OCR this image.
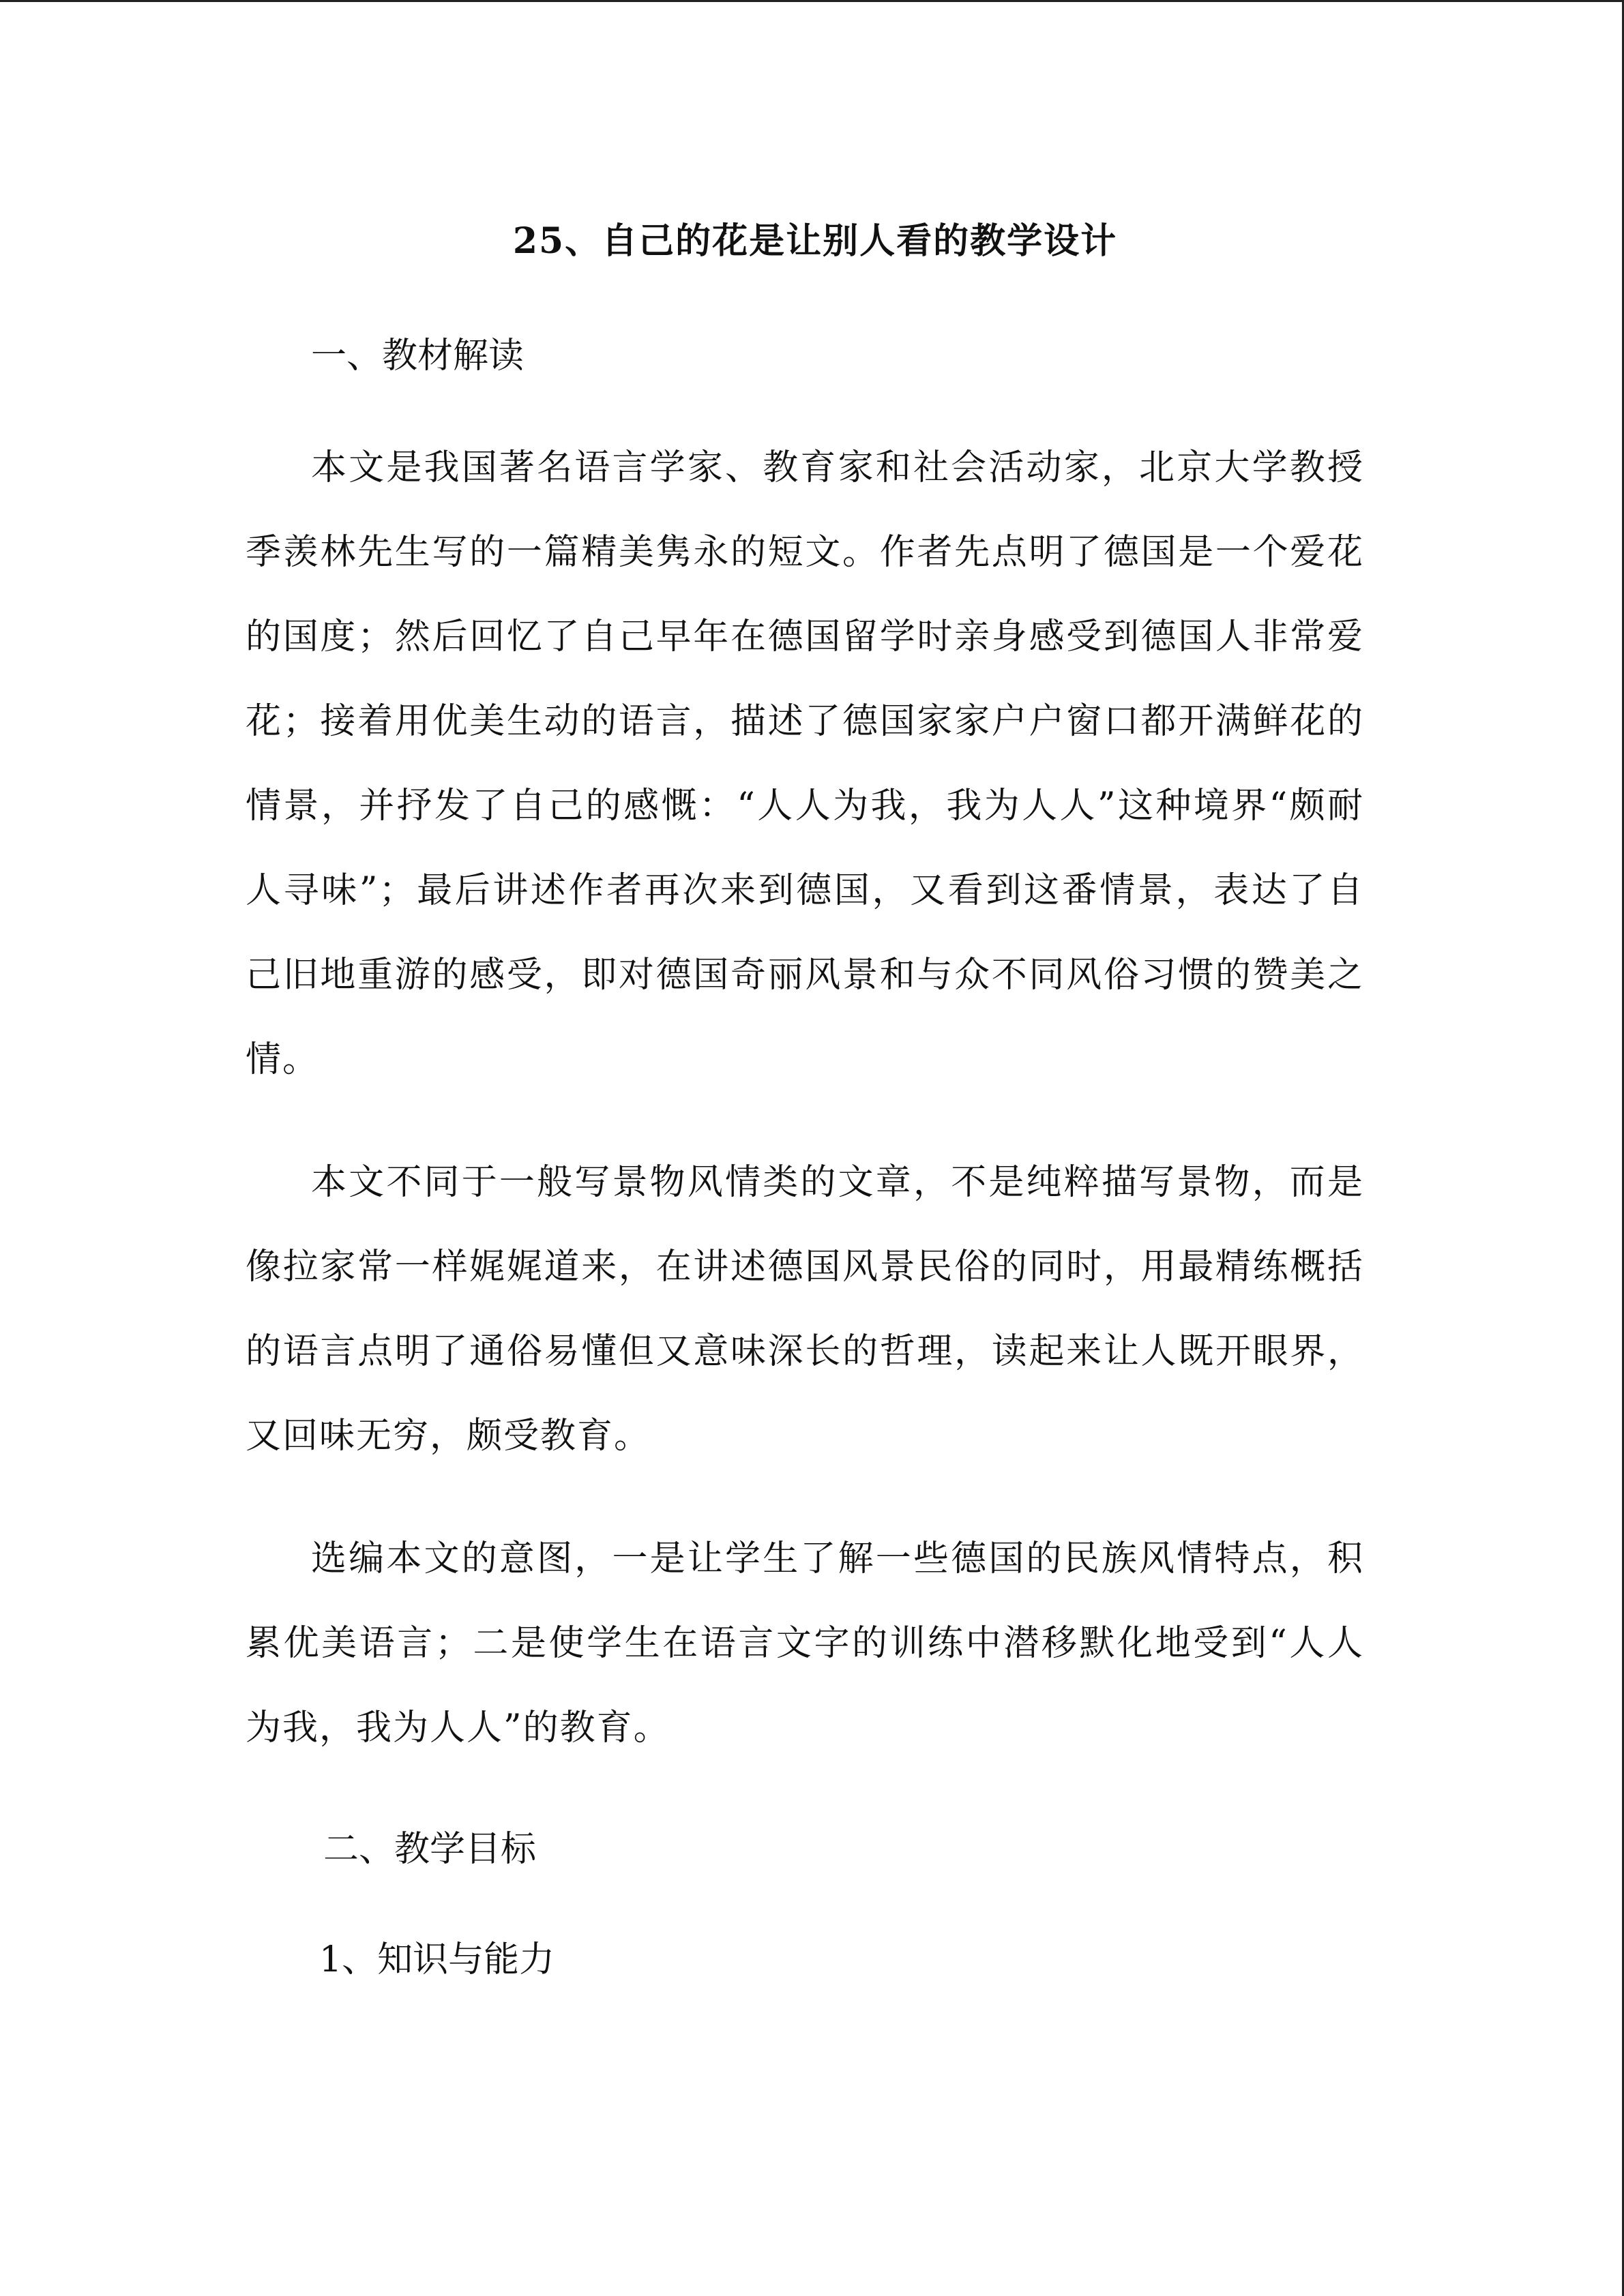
25、自己的花是让别人看的教学设计

一、教材解读

本文是我国著名语言学家、教育家和社会活动家，北京大学教授季羡林先生写的一篇精美隽永的短文。作者先点明了德国是一个爱花的国度；然后回忆了自己早年在德国留学时亲身感受到德国人非常爱花；接着用优美生动的语言，描述了德国家家户户窗口都开满鲜花的情景，并抒发了自己的感慨：“人人为我，我为人人”这种境界“颇耐人寻味”；最后讲述作者再次来到德国，又看到这番情景，表达了自己旧地重游的感受，即对德国奇丽风景和与众不同风俗习惯的赞美之情。

本文不同于一般写景物风情类的文章，不是纯粹描写景物，而是像拉家常一样娓娓道来，在讲述德国风景民俗的同时，用最精练概括的语言点明了通俗易懂但又意味深长的哲理，读起来让人既开眼界，又回味无穷，颇受教育。

选编本文的意图，一是让学生了解一些德国的民族风情特点，积累优美语言；二是使学生在语言文字的训练中潜移默化地受到“人人为我，我为人人”的教育。

二、教学目标

1、知识与能力
